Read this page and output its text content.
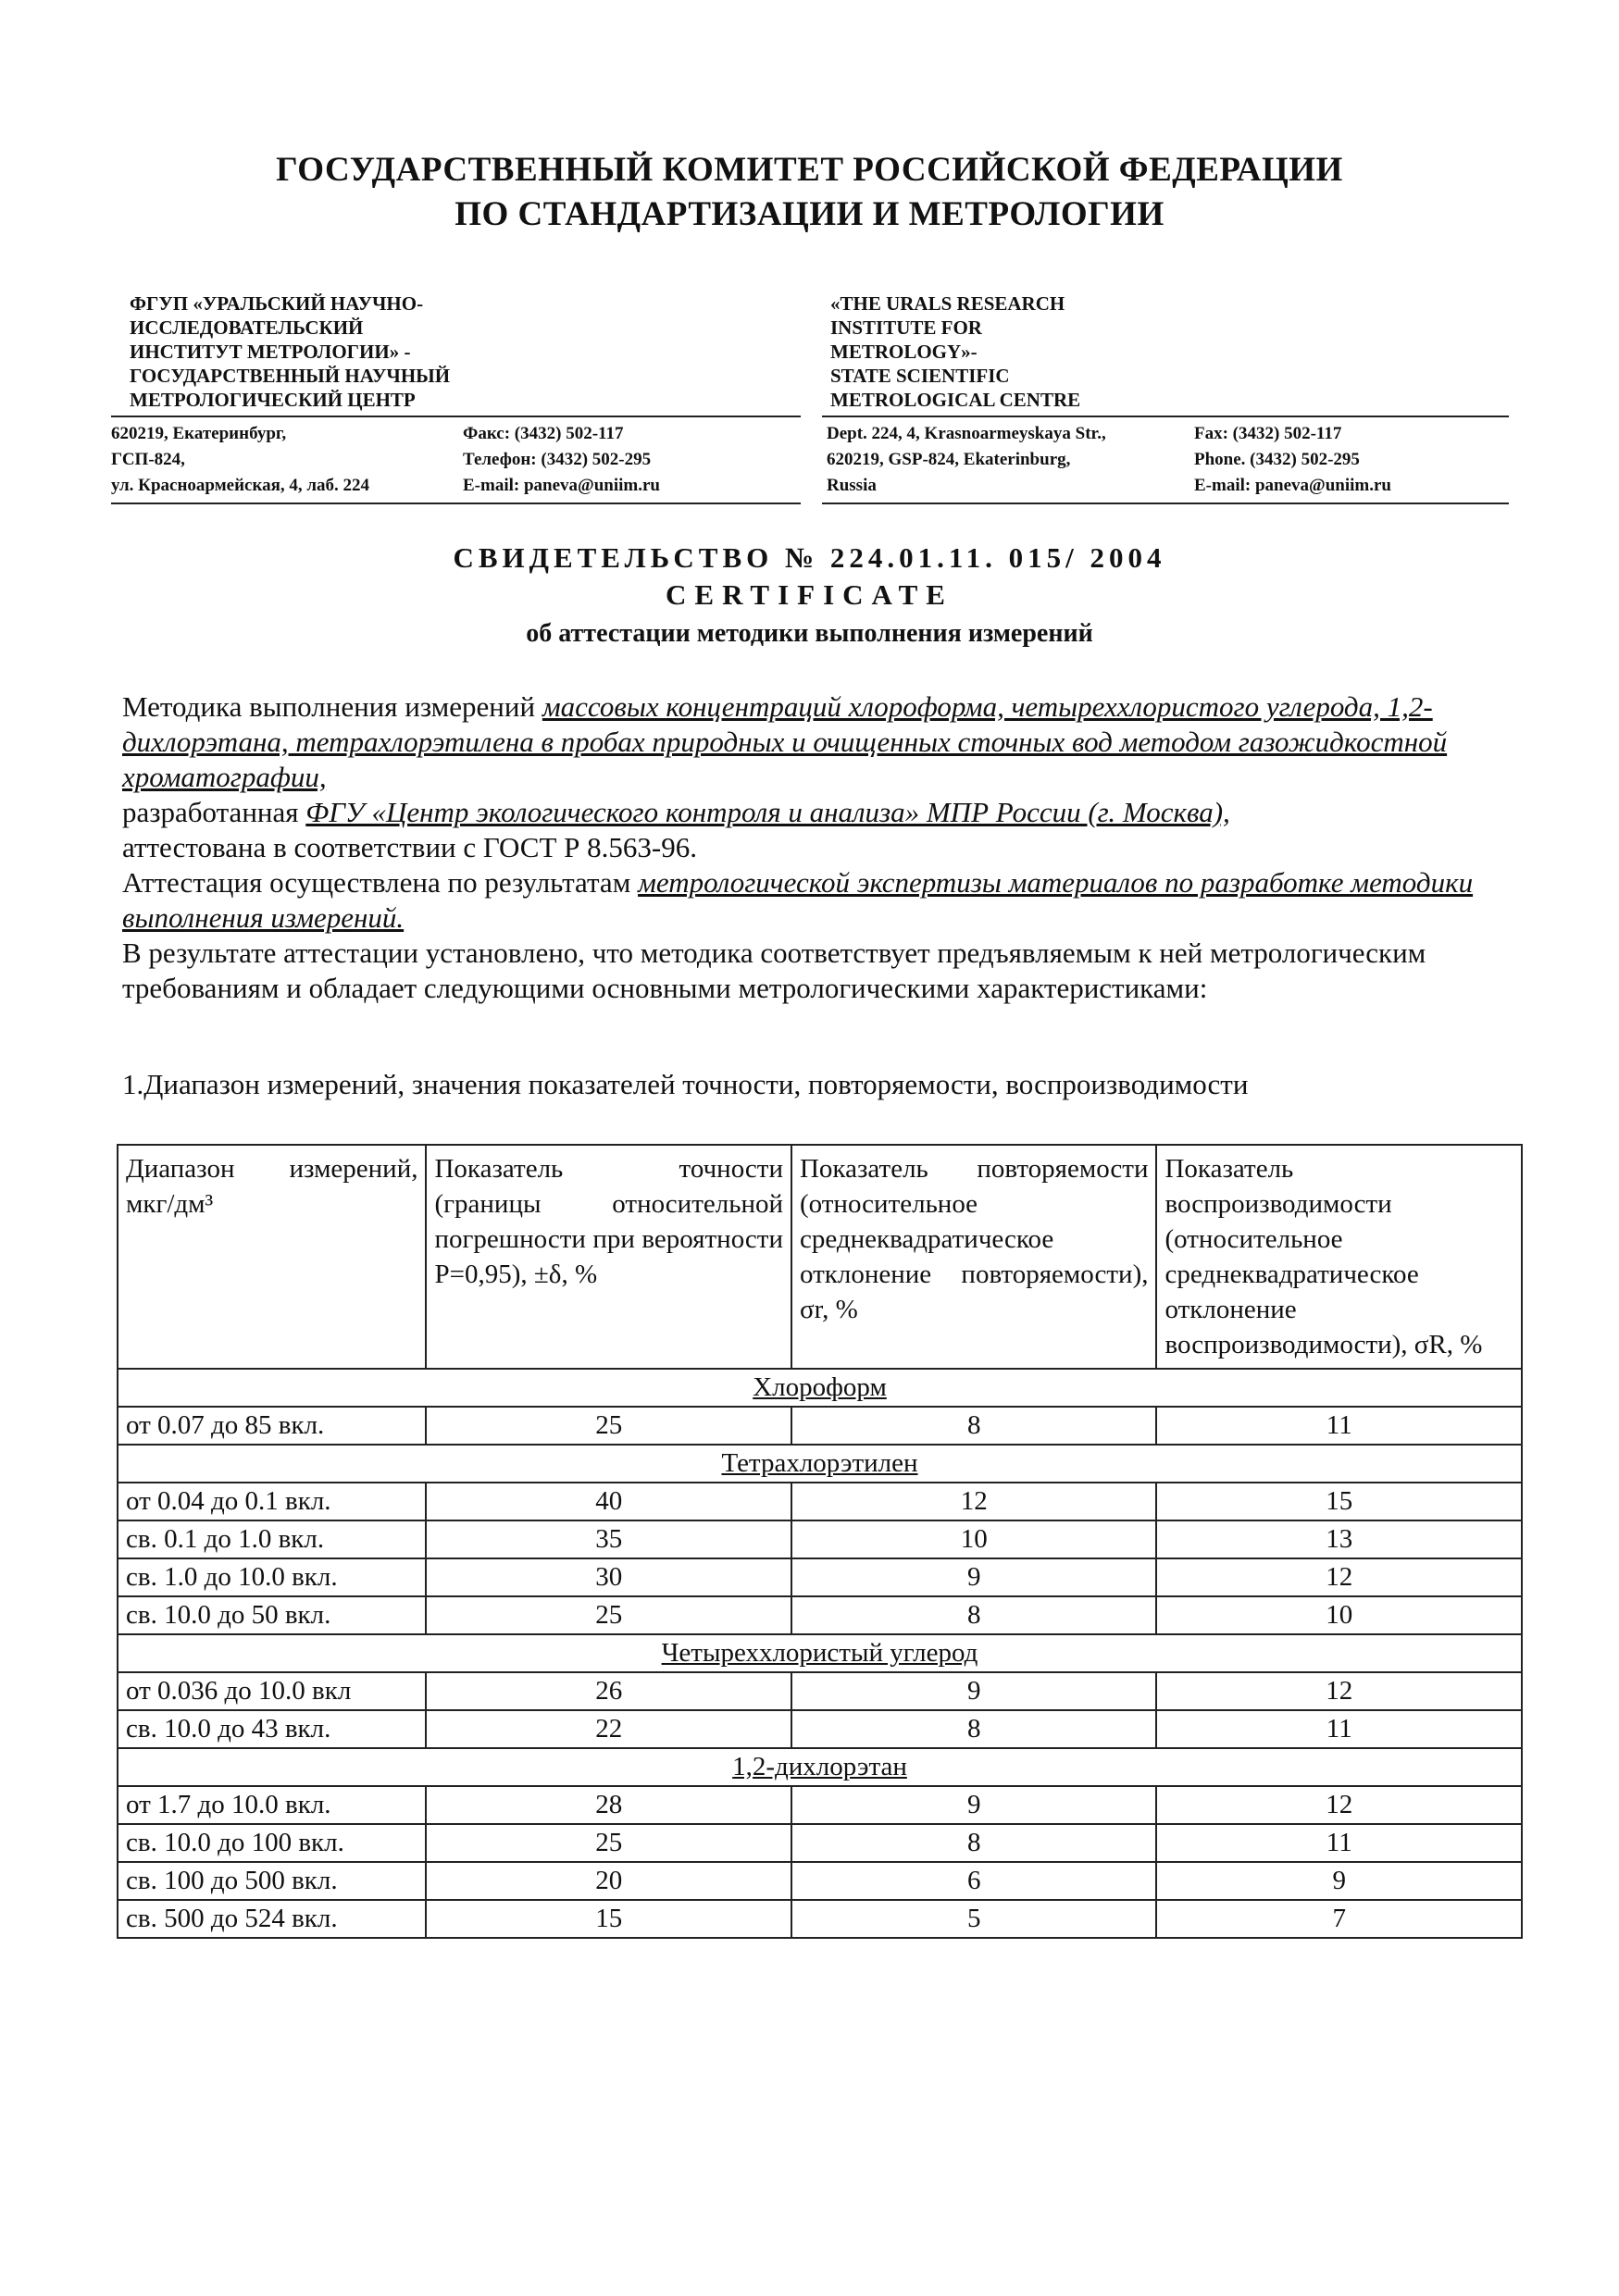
ГОСУДАРСТВЕННЫЙ КОМИТЕТ РОССИЙСКОЙ ФЕДЕРАЦИИ
ПО СТАНДАРТИЗАЦИИ И МЕТРОЛОГИИ
ФГУП «УРАЛЬСКИЙ НАУЧНО-
ИССЛЕДОВАТЕЛЬСКИЙ
ИНСТИТУТ МЕТРОЛОГИИ» -
ГОСУДАРСТВЕННЫЙ НАУЧНЫЙ
МЕТРОЛОГИЧЕСКИЙ ЦЕНТР
«THE URALS RESEARCH
INSTITUTE FOR
METROLOGY»-
STATE SCIENTIFIC
METROLOGICAL CENTRE
620219, Екатеринбург,
ГСП-824,
ул. Красноармейская, 4, лаб. 224
Факс: (3432) 502-117
Телефон: (3432) 502-295
E-mail: paneva@uniim.ru
Dept. 224, 4, Krasnoarmeyskaya Str.,
620219, GSP-824, Ekaterinburg,
Russia
Fax: (3432) 502-117
Phone. (3432) 502-295
E-mail: paneva@uniim.ru
СВИДЕТЕЛЬСТВО № 224.01.11. 015/ 2004
CERTIFICATE
об аттестации методики выполнения измерений

Методика выполнения измерений массовых концентраций хлороформа, четыреххлористого углерода, 1,2-дихлорэтана, тетрахлорэтилена в пробах природных и очищенных сточных вод методом газожидкостной хроматографии,

разработанная ФГУ «Центр экологического контроля и анализа» МПР России (г. Москва),

аттестована в соответствии с ГОСТ Р 8.563-96.

Аттестация осуществлена по результатам метрологической экспертизы материалов по разработке методики выполнения измерений.

В результате аттестации установлено, что методика соответствует предъявляемым к ней метрологическим требованиям и обладает следующими основными метрологическими характеристиками:

1.Диапазон измерений, значения показателей точности, повторяемости, воспроизводимости
Диапазон измерений, мкг/дм³	Показатель точности (границы относительной погрешности при вероятности Р=0,95), ±δ, %	Показатель повторяемости (относительное среднеквадратическое отклонение повторяемости), σr, %	Показатель воспроизводимости (относительное среднеквадратическое отклонение воспроизводимости), σR, %
Хлороформ			
от 0.07 до 85 вкл.	25	8	11
Тетрахлорэтилен			
от 0.04 до 0.1 вкл.	40	12	15
св. 0.1 до 1.0 вкл.	35	10	13
св. 1.0 до 10.0 вкл.	30	9	12
св. 10.0 до 50 вкл.	25	8	10
Четыреххлористый углерод			
от 0.036 до 10.0 вкл	26	9	12
св. 10.0 до 43 вкл.	22	8	11
1,2-дихлорэтан			
от 1.7 до 10.0 вкл.	28	9	12
св. 10.0 до 100 вкл.	25	8	11
св. 100 до 500 вкл.	20	6	9
св. 500 до 524 вкл.	15	5	7
